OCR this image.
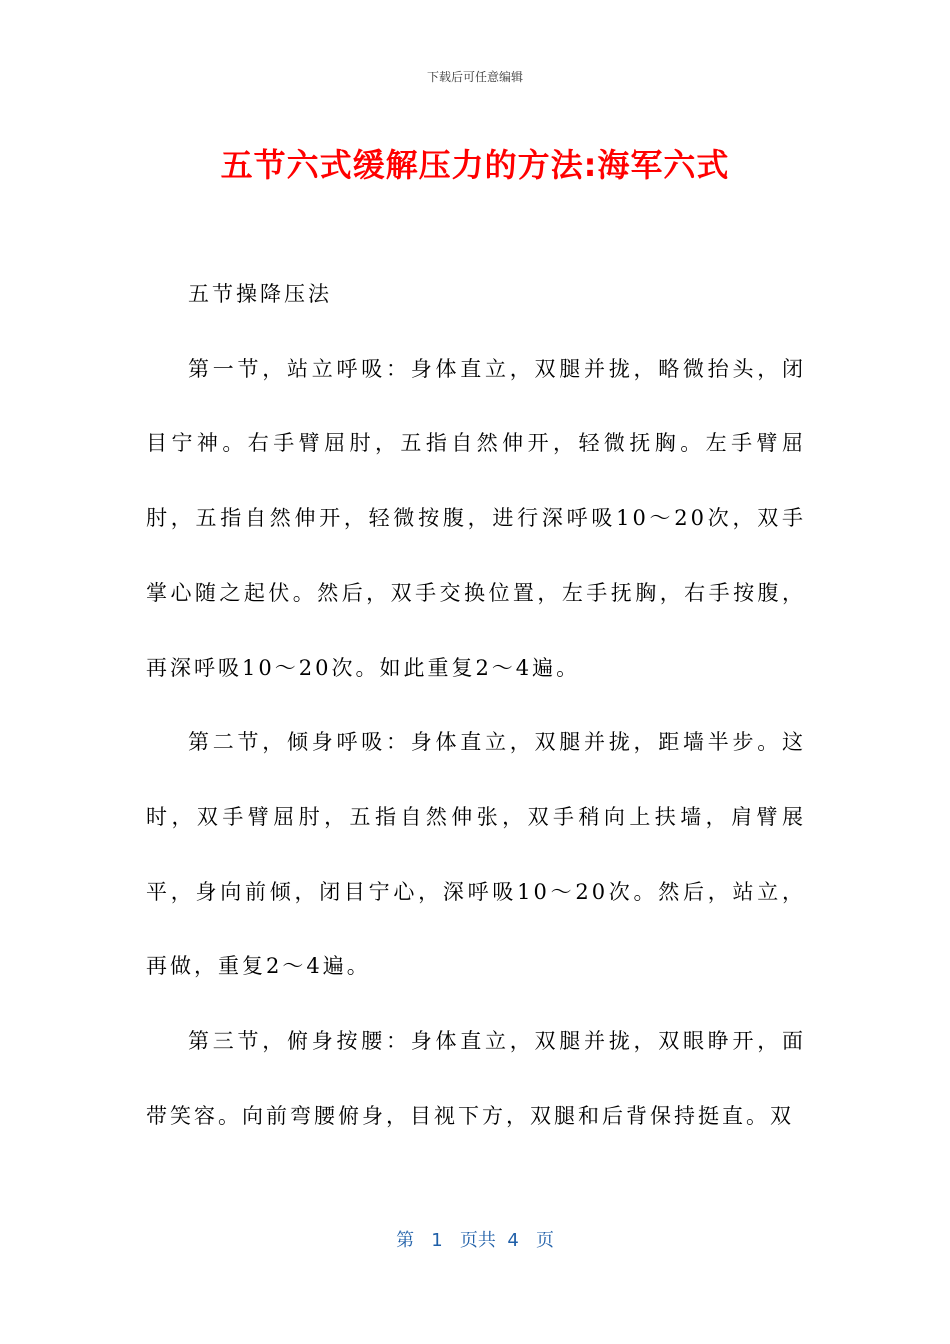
下载后可任意编辑
五节六式缓解压力的方法:海军六式

五节操降压法

第一节，站立呼吸：身体直立，双腿并拢，略微抬头，闭目宁神。右手臂屈肘，五指自然伸开，轻微抚胸。左手臂屈肘，五指自然伸开，轻微按腹，进行深呼吸10～20次，双手掌心随之起伏。然后，双手交换位置，左手抚胸，右手按腹，再深呼吸10～20次。如此重复2～4遍。

第二节，倾身呼吸：身体直立，双腿并拢，距墙半步。这时，双手臂屈肘，五指自然伸张，双手稍向上扶墙，肩臂展平，身向前倾，闭目宁心，深呼吸10～20次。然后，站立，再做，重复2～4遍。

第三节，俯身按腰：身体直立，双腿并拢，双眼睁开，面带笑容。向前弯腰俯身，目视下方，双腿和后背保持挺直。双

第 1 页共 4 页
